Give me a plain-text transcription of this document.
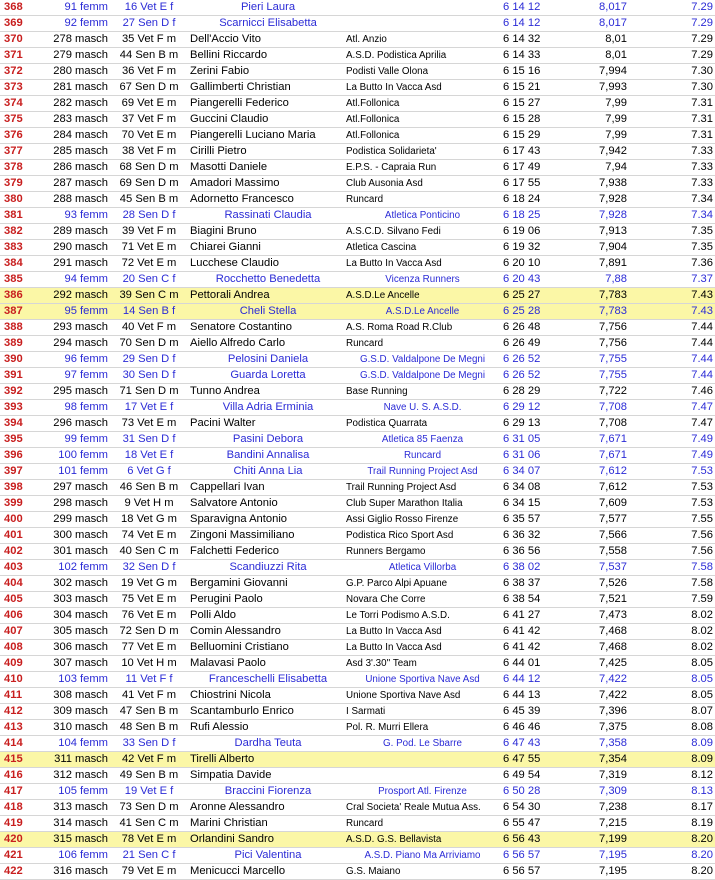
368	91 femm	16 Vet E f	Pieri Laura		6 14 12	8,017	7.29
369	92 femm	27 Sen D f	Scarnicci Elisabetta		6 14 12	8,017	7.29
370	278 masch	35 Vet F m	Dell'Accio Vito	Atl. Anzio	6 14 32	8,01	7.29
371	279 masch	44 Sen B m	Bellini Riccardo	A.S.D. Podistica Aprilia	6 14 33	8,01	7.29
372	280 masch	36 Vet F m	Zerini Fabio	Podisti Valle Olona	6 15 16	7,994	7.30
373	281 masch	67 Sen D m	Gallimberti Christian	La Butto In Vacca Asd	6 15 21	7,993	7.30
374	282 masch	69 Vet E m	Piangerelli Federico	Atl.Follonica	6 15 27	7,99	7.31
375	283 masch	37 Vet F m	Guccini Claudio	Atl.Follonica	6 15 28	7,99	7.31
376	284 masch	70 Vet E m	Piangerelli Luciano Maria	Atl.Follonica	6 15 29	7,99	7.31
377	285 masch	38 Vet F m	Cirilli Pietro	Podistica Solidarieta'	6 17 43	7,942	7.33
378	286 masch	68 Sen D m	Masotti Daniele	E.P.S. - Capraia Run	6 17 49	7,94	7.33
379	287 masch	69 Sen D m	Amadori Massimo	Club Ausonia Asd	6 17 55	7,938	7.33
380	288 masch	45 Sen B m	Adornetto Francesco	Runcard	6 18 24	7,928	7.34
381	93 femm	28 Sen D f	Rassinati Claudia	Atletica Ponticino	6 18 25	7,928	7.34
382	289 masch	39 Vet F m	Biagini Bruno	A.S.C.D. Silvano Fedi	6 19 06	7,913	7.35
383	290 masch	71 Vet E m	Chiarei Gianni	Atletica Cascina	6 19 32	7,904	7.35
384	291 masch	72 Vet E m	Lucchese Claudio	La Butto In Vacca Asd	6 20 10	7,891	7.36
385	94 femm	20 Sen C f	Rocchetto Benedetta	Vicenza Runners	6 20 43	7,88	7.37
386	292 masch	39 Sen C m	Pettorali Andrea	A.S.D.Le Ancelle	6 25 27	7,783	7.43
387	95 femm	14 Sen B f	Cheli Stella	A.S.D.Le Ancelle	6 25 28	7,783	7.43
388	293 masch	40 Vet F m	Senatore Costantino	A.S. Roma Road R.Club	6 26 48	7,756	7.44
389	294 masch	70 Sen D m	Aiello Alfredo Carlo	Runcard	6 26 49	7,756	7.44
390	96 femm	29 Sen D f	Pelosini Daniela	G.S.D. Valdalpone De Megni	6 26 52	7,755	7.44
391	97 femm	30 Sen D f	Guarda Loretta	G.S.D. Valdalpone De Megni	6 26 52	7,755	7.44
392	295 masch	71 Sen D m	Tunno Andrea	Base Running	6 28 29	7,722	7.46
393	98 femm	17 Vet E f	Villa Adria Erminia	Nave U. S. A.S.D.	6 29 12	7,708	7.47
394	296 masch	73 Vet E m	Pacini Walter	Podistica Quarrata	6 29 13	7,708	7.47
395	99 femm	31 Sen D f	Pasini Debora	Atletica 85 Faenza	6 31 05	7,671	7.49
396	100 femm	18 Vet E f	Bandini Annalisa	Runcard	6 31 06	7,671	7.49
397	101 femm	6 Vet G f	Chiti Anna Lia	Trail Running Project Asd	6 34 07	7,612	7.53
398	297 masch	46 Sen B m	Cappellari Ivan	Trail Running Project Asd	6 34 08	7,612	7.53
399	298 masch	9 Vet H m	Salvatore Antonio	Club Super Marathon Italia	6 34 15	7,609	7.53
400	299 masch	18 Vet G m	Sparavigna Antonio	Assi Giglio Rosso Firenze	6 35 57	7,577	7.55
401	300 masch	74 Vet E m	Zingoni Massimiliano	Podistica Rico Sport Asd	6 36 32	7,566	7.56
402	301 masch	40 Sen C m	Falchetti Federico	Runners Bergamo	6 36 56	7,558	7.56
403	102 femm	32 Sen D f	Scandiuzzi Rita	Atletica Villorba	6 38 02	7,537	7.58
404	302 masch	19 Vet G m	Bergamini Giovanni	G.P. Parco Alpi Apuane	6 38 37	7,526	7.58
405	303 masch	75 Vet E m	Perugini Paolo	Novara Che Corre	6 38 54	7,521	7.59
406	304 masch	76 Vet E m	Polli Aldo	Le Torri Podismo A.S.D.	6 41 27	7,473	8.02
407	305 masch	72 Sen D m	Comin Alessandro	La Butto In Vacca Asd	6 41 42	7,468	8.02
408	306 masch	77 Vet E m	Belluomini Cristiano	La Butto In Vacca Asd	6 41 42	7,468	8.02
409	307 masch	10 Vet H m	Malavasi Paolo	Asd 3'.30'' Team	6 44 01	7,425	8.05
410	103 femm	11 Vet F f	Franceschelli Elisabetta	Unione Sportiva Nave Asd	6 44 12	7,422	8.05
411	308 masch	41 Vet F m	Chiostrini Nicola	Unione Sportiva Nave Asd	6 44 13	7,422	8.05
412	309 masch	47 Sen B m	Scantamburlo Enrico	I Sarmati	6 45 39	7,396	8.07
413	310 masch	48 Sen B m	Rufi Alessio	Pol. R. Murri Ellera	6 46 46	7,375	8.08
414	104 femm	33 Sen D f	Dardha Teuta	G. Pod. Le Sbarre	6 47 43	7,358	8.09
415	311 masch	42 Vet F m	Tirelli Alberto		6 47 55	7,354	8.09
416	312 masch	49 Sen B m	Simpatia Davide		6 49 54	7,319	8.12
417	105 femm	19 Vet E f	Braccini Fiorenza	Prosport Atl. Firenze	6 50 28	7,309	8.13
418	313 masch	73 Sen D m	Aronne Alessandro	Cral Societa' Reale Mutua Ass.	6 54 30	7,238	8.17
419	314 masch	41 Sen C m	Marini Christian	Runcard	6 55 47	7,215	8.19
420	315 masch	78 Vet E m	Orlandini Sandro	A.S.D. G.S. Bellavista	6 56 43	7,199	8.20
421	106 femm	21 Sen C f	Pici Valentina	A.S.D. Piano Ma Arriviamo	6 56 57	7,195	8.20
422	316 masch	79 Vet E m	Menicucci Marcello	G.S. Maiano	6 56 57	7,195	8.20
